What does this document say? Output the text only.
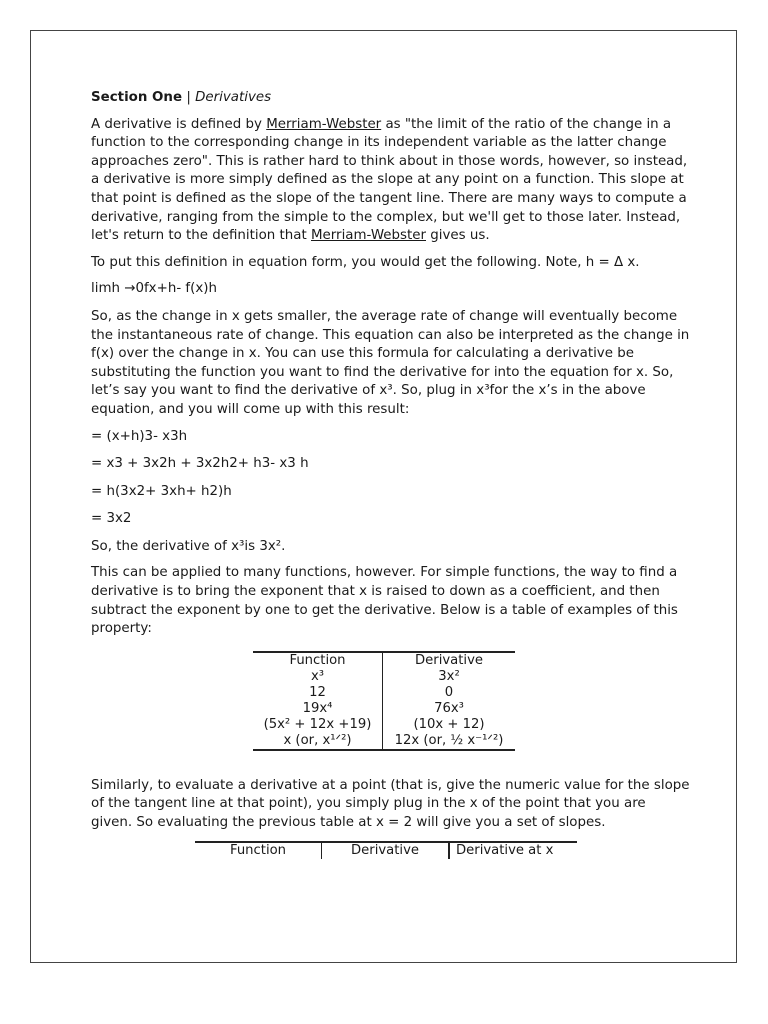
Section One | Derivatives

A derivative is defined by Merriam-Webster as "the limit of the ratio of the change in a function to the corresponding change in its independent variable as the latter change approaches zero". This is rather hard to think about in those words, however, so instead, a derivative is more simply defined as the slope at any point on a function. This slope at that point is defined as the slope of the tangent line. There are many ways to compute a derivative, ranging from the simple to the complex, but we'll get to those later. Instead, let's return to the definition that Merriam-Webster gives us.

To put this definition in equation form, you would get the following. Note, h = Δ x.

limh →0fx+h- f(x)h

So, as the change in x gets smaller, the average rate of change will eventually become the instantaneous rate of change. This equation can also be interpreted as the change in f(x) over the change in x. You can use this formula for calculating a derivative be substituting the function you want to find the derivative for into the equation for x. So, let’s say you want to find the derivative of x³. So, plug in x³for the x’s in the above equation, and you will come up with this result:

= (x+h)3- x3h

= x3 + 3x2h + 3x2h2+ h3- x3 h

= h(3x2+ 3xh+ h2)h

= 3x2

So, the derivative of x³is 3x².

This can be applied to many functions, however. For simple functions, the way to find a derivative is to bring the exponent that x is raised to down as a coefficient, and then subtract the exponent by one to get the derivative. Below is a table of examples of this property:

Function	Derivative
x³	3x²
12	0
19x⁴	76x³
(5x² + 12x +19)	(10x + 12)
x (or, x¹ᐟ²)	12x (or, ½ x⁻¹ᐟ²)

Similarly, to evaluate a derivative at a point (that is, give the numeric value for the slope of the tangent line at that point), you simply plug in the x of the point that you are given. So evaluating the previous table at x = 2 will give you a set of slopes.

Function	Derivative	Derivative at x
